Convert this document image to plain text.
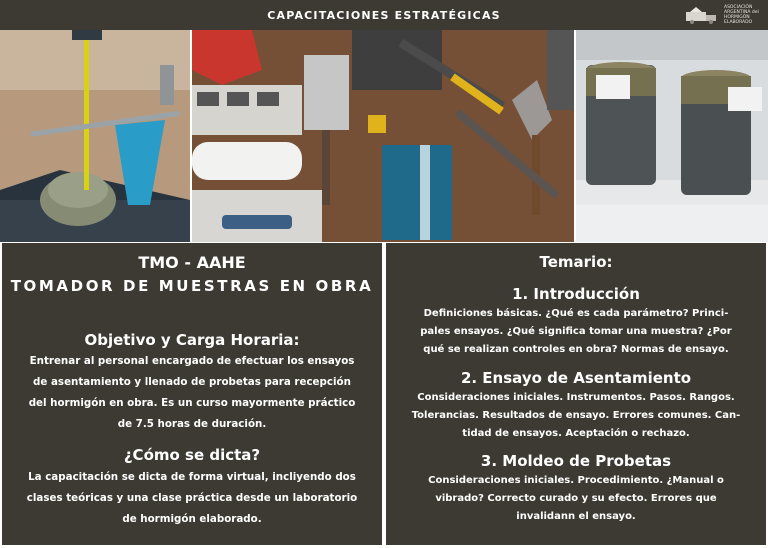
CAPACITACIONES ESTRATÉGICAS
ASOCIACIÓN ARGENTINA del HORMIGÓN ELABORADO
TMO - AAHE
TOMADOR DE MUESTRAS EN OBRA
Objetivo y Carga Horaria:
Entrenar al personal encargado de efectuar los ensayos
de asentamiento y llenado de probetas para recepción
del hormigón en obra. Es un curso mayormente práctico
de 7.5 horas de duración.
¿Cómo se dicta?
La capacitación se dicta de forma virtual, incliyendo dos
clases teóricas y una clase práctica desde un laboratorio
de hormigón elaborado.
Temario:
1. Introducción
Definiciones básicas. ¿Qué es cada parámetro? Princi-
pales ensayos. ¿Qué significa tomar una muestra? ¿Por
qué se realizan controles en obra? Normas de ensayo.
2. Ensayo de Asentamiento
Consideraciones iniciales. Instrumentos. Pasos. Rangos.
Tolerancias. Resultados de ensayo. Errores comunes. Can-
tidad de ensayos. Aceptación o rechazo.
3. Moldeo de Probetas
Consideraciones iniciales. Procedimiento. ¿Manual o
vibrado? Correcto curado y su efecto. Errores que
invalidann el ensayo.
